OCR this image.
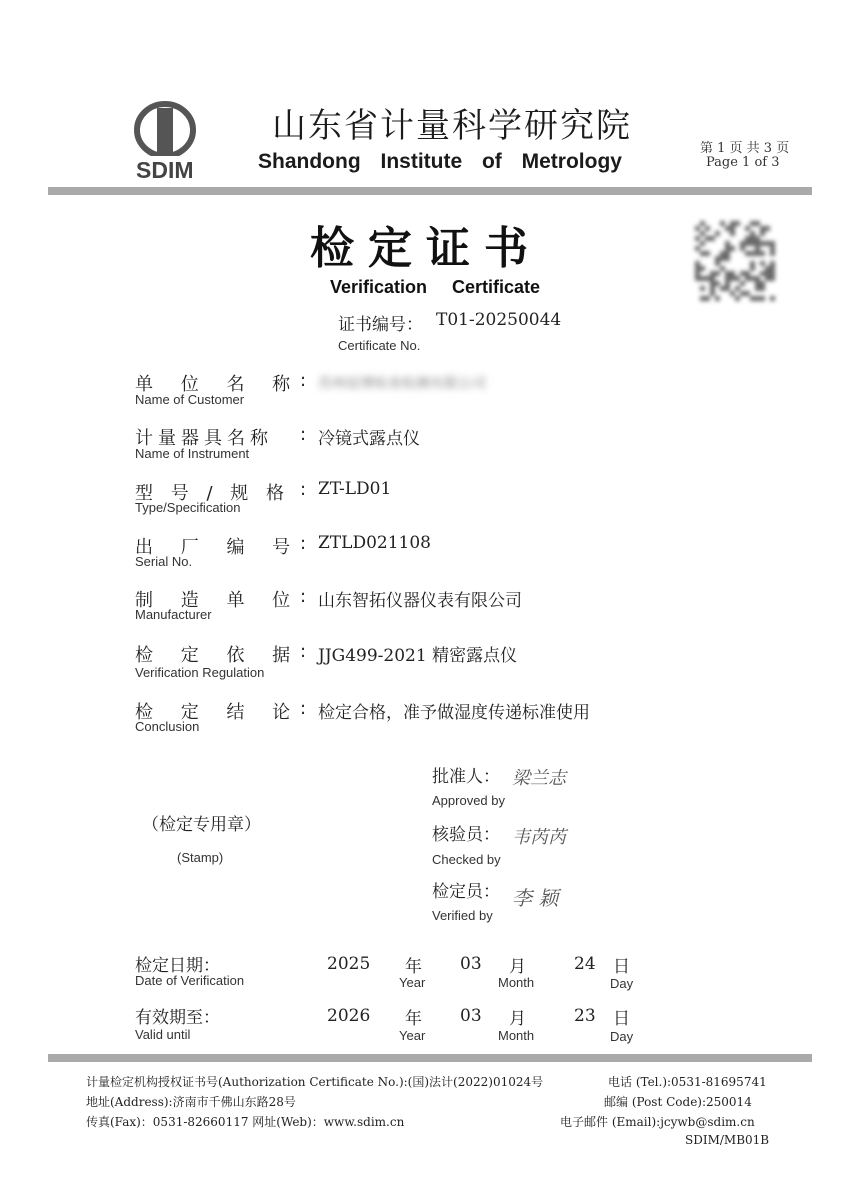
SDIM
山东省计量科学研究院
Shandong Institute of Metrology
第 1 页 共 3 页
Page 1 of 3
检定证书
Verification Certificate
证书编号： T01-20250044
Certificate No.
单 位 名 称
Name of Customer
: 苏州宸博检查检测有限公司
计量器具名称
Name of Instrument
: 冷镜式露点仪
型 号 / 规 格
Type/Specification
: ZT-LD01
出 厂 编 号
Serial No.
: ZTLD021108
制 造 单 位
Manufacturer
: 山东智拓仪器仪表有限公司
检 定 依 据
Verification Regulation
: JJG499-2021 精密露点仪
检 定 结 论
Conclusion
: 检定合格，准予做湿度传递标准使用
（检定专用章）
(Stamp)
批准人： 梁兰志
Approved by
核验员： 韦芮芮
Checked by
检定员： 李 颖
Verified by
检定日期：
Date of Verification
2025 年
Year
03 月
Month
24 日
Day
有效期至：
Valid until
2026 年
Year
03 月
Month
23 日
Day
计量检定机构授权证书号(Authorization Certificate No.):(国)法计(2022)01024号	电话 (Tel.):0531-81695741
地址(Address):济南市千佛山东路28号	邮编 (Post Code):250014
传真(Fax)：0531-82660117 网址(Web)：www.sdim.cn	电子邮件 (Email):jcywb@sdim.cn
SDIM/MB01B
